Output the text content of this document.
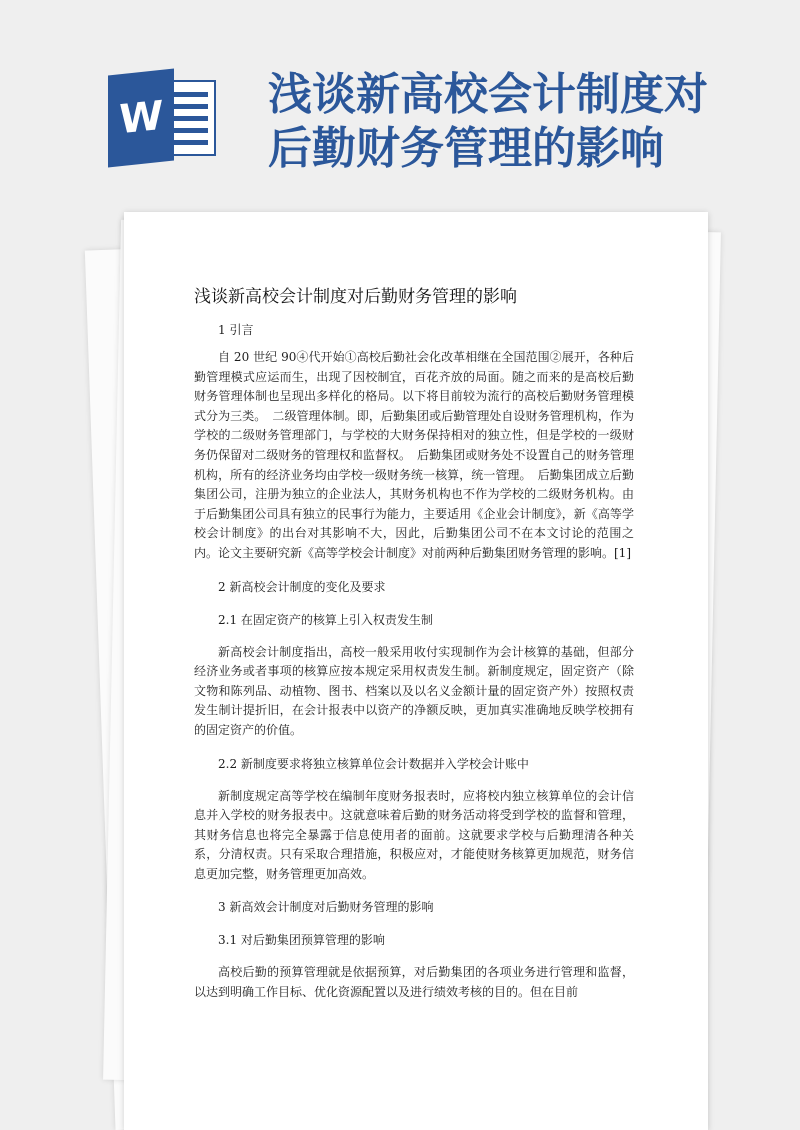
W 浅谈新高校会计制度对
后勤财务管理的影响
浅谈新高校会计制度对后勤财务管理的影响
1 引言

自 20 世纪 90④代开始①高校后勤社会化改革相继在全国范围②展开，各种后勤管理模式应运而生，出现了因校制宜，百花齐放的局面。随之而来的是高校后勤财务管理体制也呈现出多样化的格局。以下将目前较为流行的高校后勤财务管理模式分为三类。　二级管理体制。即，后勤集团或后勤管理处自设财务管理机构，作为学校的二级财务管理部门，与学校的大财务保持相对的独立性，但是学校的一级财务仍保留对二级财务的管理权和监督权。　后勤集团或财务处不设置自己的财务管理机构，所有的经济业务均由学校一级财务统一核算，统一管理。　后勤集团成立后勤集团公司，注册为独立的企业法人，其财务机构也不作为学校的二级财务机构。由于后勤集团公司具有独立的民事行为能力，主要适用《企业会计制度》，新《高等学校会计制度》的出台对其影响不大，因此，后勤集团公司不在本文讨论的范围之内。论文主要研究新《高等学校会计制度》对前两种后勤集团财务管理的影响。[1]

2 新高校会计制度的变化及要求
2.1 在固定资产的核算上引入权责发生制

新高校会计制度指出，高校一般采用收付实现制作为会计核算的基础，但部分经济业务或者事项的核算应按本规定采用权责发生制。新制度规定，固定资产（除文物和陈列品、动植物、图书、档案以及以名义金额计量的固定资产外）按照权责发生制计提折旧，在会计报表中以资产的净额反映，更加真实准确地反映学校拥有的固定资产的价值。

2.2 新制度要求将独立核算单位会计数据并入学校会计账中

新制度规定高等学校在编制年度财务报表时，应将校内独立核算单位的会计信息并入学校的财务报表中。这就意味着后勤的财务活动将受到学校的监督和管理，其财务信息也将完全暴露于信息使用者的面前。这就要求学校与后勤理清各种关系，分清权责。只有采取合理措施，积极应对，才能使财务核算更加规范，财务信息更加完整，财务管理更加高效。

3 新高效会计制度对后勤财务管理的影响
3.1 对后勤集团预算管理的影响

高校后勤的预算管理就是依据预算，对后勤集团的各项业务进行管理和监督，以达到明确工作目标、优化资源配置以及进行绩效考核的目的。但在目前
